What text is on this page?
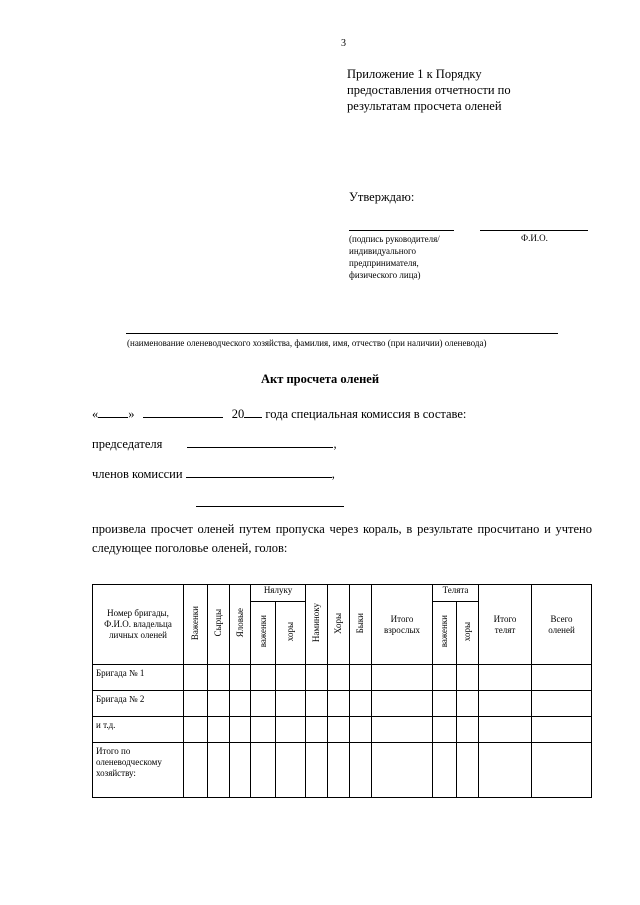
3
Приложение 1 к Порядку
предоставления отчетности по
результатам просчета оленей
Утверждаю:
(подпись руководителя/
индивидуального
предпринимателя,
физического лица)
Ф.И.О.
(наименование оленеводческого хозяйства, фамилия, имя, отчество (при наличии) оленевода)
Акт просчета оленей
« »	20 года специальная комиссия в составе:
председателя	,
членов комиссии	,
произвела просчет оленей путем пропуска через кораль, в результате просчитано и учтено следующее поголовье оленей, голов:
Номер бригады, Ф.И.О. владельца личных оленей	Важенки	Сырцы	Яловые	Нялуку		Наминоку	Хоры	Быки	Итого взрослых	Телята		Итого телят	Всего оленей
				важенки	хоры					важенки	хоры		
Бригада № 1													
Бригада № 2													
и т.д.													
Итого по оленеводческому хозяйству:													
